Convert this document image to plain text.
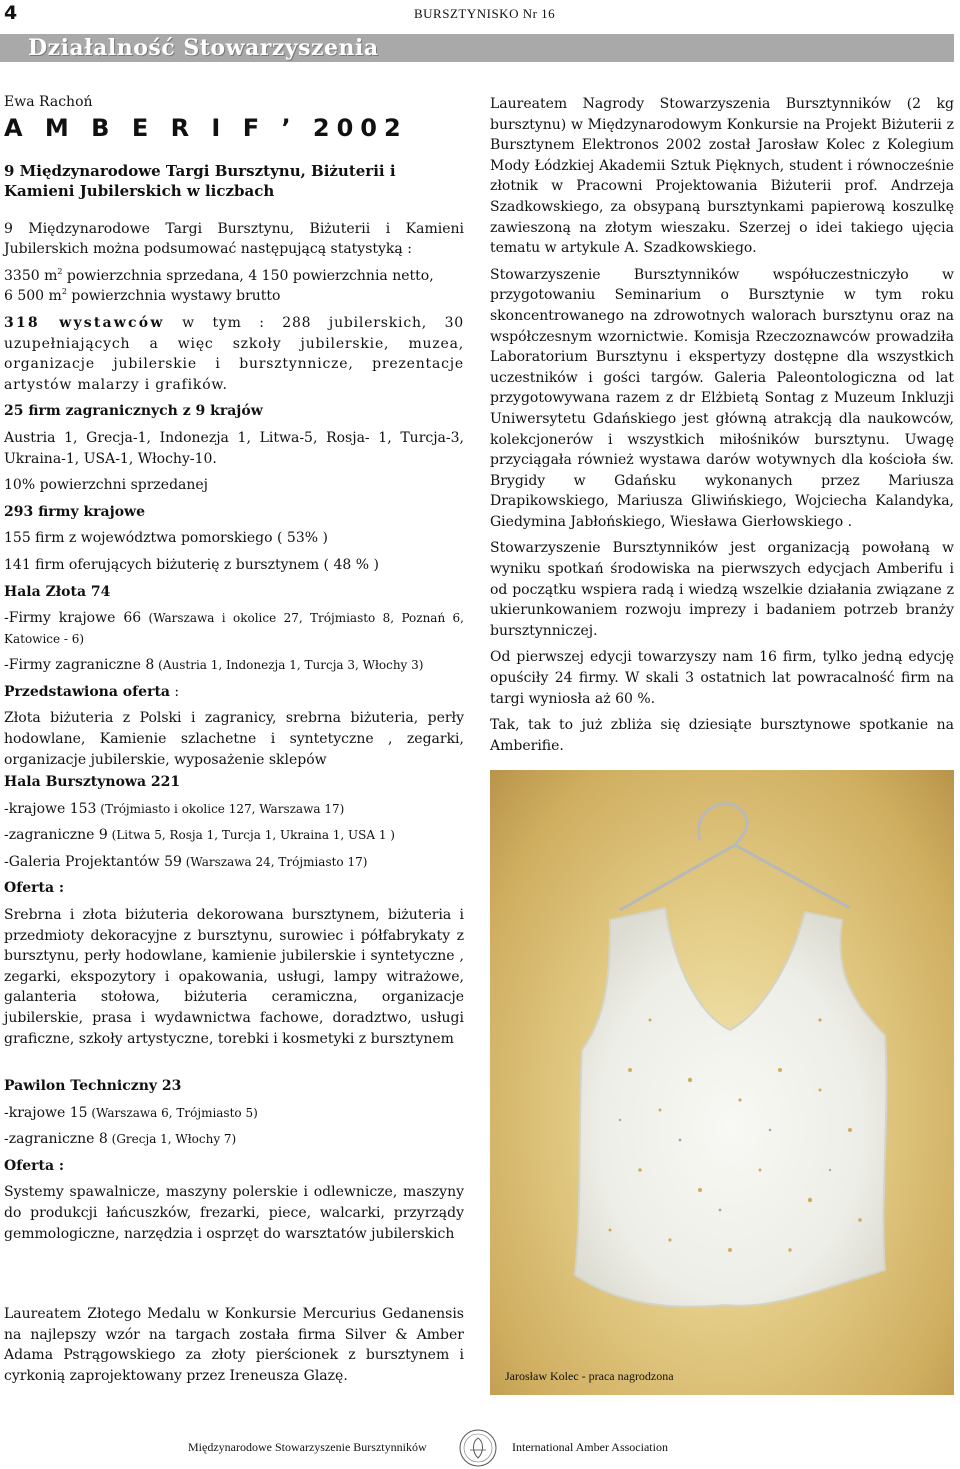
4	BURSZTYNISKO Nr 16
Działalność Stowarzyszenia
Ewa Rachoń
A M B E R I F ’ 2002
9 Międzynarodowe Targi Bursztynu, Biżuterii i Kamieni Jubilerskich w liczbach

9 Międzynarodowe Targi Bursztynu, Biżuterii i Kamieni Jubilerskich można podsumować następującą statystyką :

3350 $m^2$ powierzchnia sprzedana, 4 150 powierzchnia netto,
6 500 $m^2$ powierzchnia wystawy brutto

318 wystawców w tym : 288 jubilerskich, 30 uzupełniających a więc szkoły jubilerskie, muzea, organizacje jubilerskie i bursztynnicze, prezentacje artystów malarzy i grafików.

25 firm zagranicznych z 9 krajów

Austria 1, Grecja-1, Indonezja 1, Litwa-5, Rosja- 1, Turcja-3, Ukraina-1, USA-1, Włochy-10.

10% powierzchni sprzedanej

293 firmy krajowe

155 firm z województwa pomorskiego ( 53% )

141 firm oferujących biżuterię z bursztynem ( 48 % )

Hala Złota 74

-Firmy krajowe 66 (Warszawa i okolice 27, Trójmiasto 8, Poznań 6, Katowice - 6)

-Firmy zagraniczne 8 (Austria 1, Indonezja 1, Turcja 3, Włochy 3)

Przedstawiona oferta :

Złota biżuteria z Polski i zagranicy, srebrna biżuteria, perły hodowlane, Kamienie szlachetne i syntetyczne , zegarki, organizacje jubilerskie, wyposażenie sklepów

Hala Bursztynowa 221

-krajowe 153 (Trójmiasto i okolice 127, Warszawa 17)

-zagraniczne 9 (Litwa 5, Rosja 1, Turcja 1, Ukraina 1, USA 1 )

-Galeria Projektantów 59 (Warszawa 24, Trójmiasto 17)

Oferta :

Srebrna i złota biżuteria dekorowana bursztynem, biżuteria i przedmioty dekoracyjne z bursztynu, surowiec i półfabrykaty z bursztynu, perły hodowlane, kamienie jubilerskie i syntetyczne , zegarki, ekspozytory i opakowania, usługi, lampy witrażowe, galanteria stołowa, biżuteria ceramiczna, organizacje jubilerskie, prasa i wydawnictwa fachowe, doradztwo, usługi graficzne, szkoły artystyczne, torebki i kosmetyki z bursztynem

Pawilon Techniczny 23

-krajowe 15 (Warszawa 6, Trójmiasto 5)

-zagraniczne 8 (Grecja 1, Włochy 7)

Oferta :

Systemy spawalnicze, maszyny polerskie i odlewnicze, maszyny do produkcji łańcuszków, frezarki, piece, walcarki, przyrządy gemmologiczne, narzędzia i osprzęt do warsztatów jubilerskich

Laureatem Złotego Medalu w Konkursie Mercurius Gedanensis na najlepszy wzór na targach została firma Silver & Amber Adama Pstrągowskiego za złoty pierścionek z bursztynem i cyrkonią zaprojektowany przez Ireneusza Glazę.

Laureatem Nagrody Stowarzyszenia Bursztynników (2 kg bursztynu) w Międzynarodowym Konkursie na Projekt Biżuterii z Bursztynem Elektronos 2002 został Jarosław Kolec z Kolegium Mody Łódzkiej Akademii Sztuk Pięknych, student i równocześnie złotnik w Pracowni Projektowania Biżuterii prof. Andrzeja Szadkowskiego, za obsypaną bursztynkami papierową koszulkę zawieszoną na złotym wieszaku. Szerzej o idei takiego ujęcia tematu w artykule A. Szadkowskiego.

Stowarzyszenie Bursztynników współuczestniczyło w przygotowaniu Seminarium o Bursztynie w tym roku skoncentrowanego na zdrowotnych walorach bursztynu oraz na współczesnym wzornictwie. Komisja Rzeczoznawców prowadziła Laboratorium Bursztynu i ekspertyzy dostępne dla wszystkich uczestników i gości targów. Galeria Paleontologiczna od lat przygotowywana razem z dr Elżbietą Sontag z Muzeum Inkluzji Uniwersytetu Gdańskiego jest główną atrakcją dla naukowców, kolekcjonerów i wszystkich miłośników bursztynu. Uwagę przyciągała również wystawa darów wotywnych dla kościoła św. Brygidy w Gdańsku wykonanych przez Mariusza Drapikowskiego, Mariusza Gliwińskiego, Wojciecha Kalandyka, Giedymina Jabłońskiego, Wiesława Gierłowskiego .

Stowarzyszenie Bursztynników jest organizacją powołaną w wyniku spotkań środowiska na pierwszych edycjach Amberifu i od początku wspiera radą i wiedzą wszelkie działania związane z ukierunkowaniem rozwoju imprezy i badaniem potrzeb branży bursztynniczej.

Od pierwszej edycji towarzyszy nam 16 firm, tylko jedną edycję opuściły 24 firmy. W skali 3 ostatnich lat powracalność firm na targi wyniosła aż 60 %.

Tak, tak to już zbliża się dziesiąte bursztynowe spotkanie na Amberifie.

Jarosław Kolec - praca nagrodzona
Międzynarodowe Stowarzyszenie Bursztynników	International Amber Association
